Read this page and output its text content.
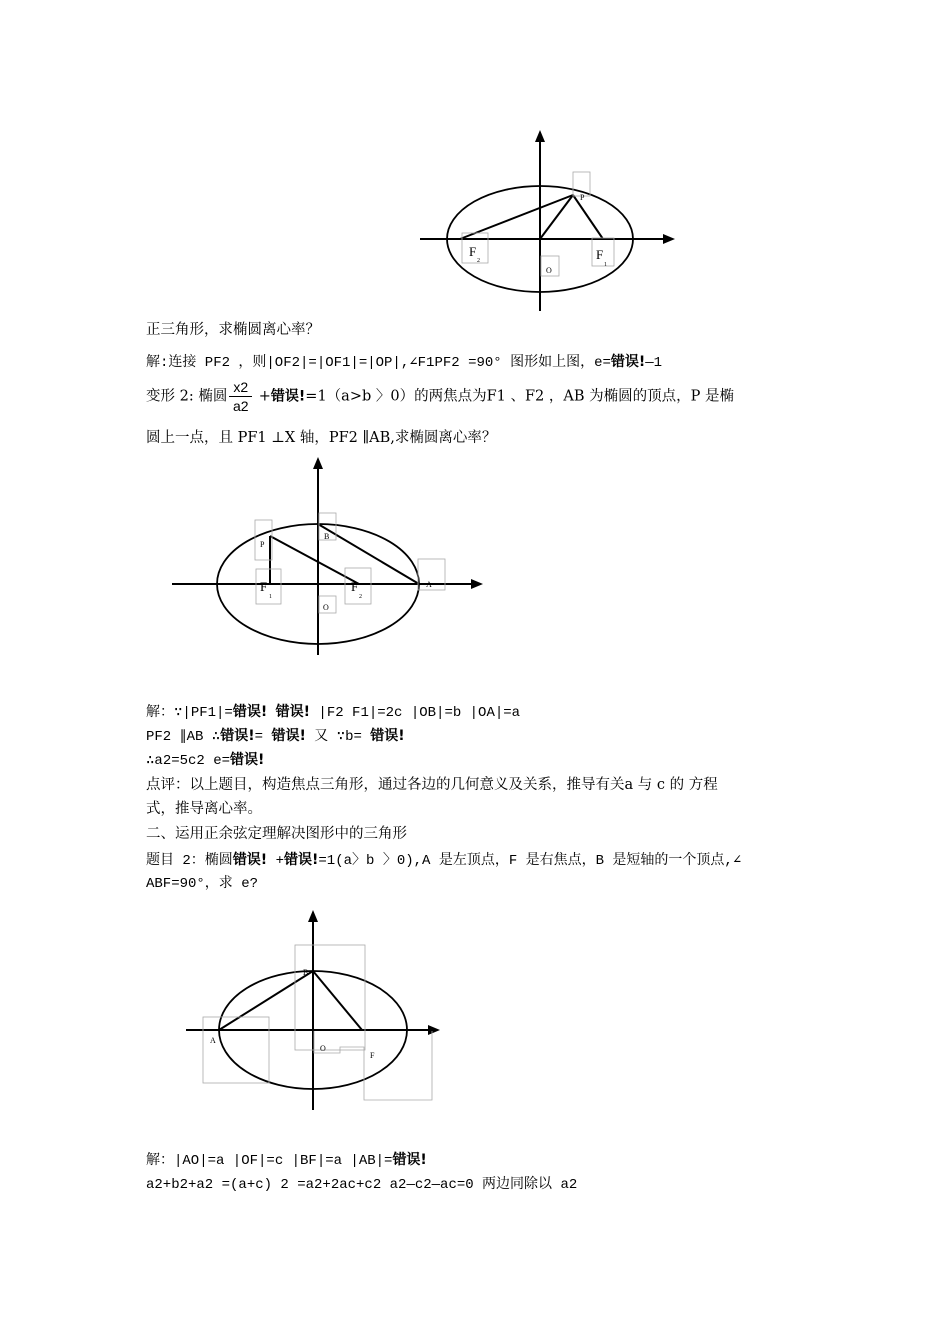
P
F
2	F
1
O
正三角形，求椭圆离心率？
解:连接 PF2 ，则|OF2|=|OF1|=|OP|,∠F1PF2 =90° 图形如上图，e=错误!—1
变形 2: 椭圆 $\frac{x2}{a2}$ +错误!=1（a>b 〉0）的两焦点为F1 、F2 ，AB 为椭圆的顶点，P 是椭
圆上一点，且 PF1 ⊥X 轴，PF2 ∥AB,求椭圆离心率？
P
B
F
1
F
2
A
O
解：∵|PF1|=错误! 错误! |F2 F1|=2c |OB|=b |OA|=a
PF2 ∥AB ∴错误!= 错误! 又 ∵b= 错误!
∴a2=5c2 e=错误!
点评：以上题目，构造焦点三角形，通过各边的几何意义及关系，推导有关a 与 c 的 方程
式，推导离心率。
二、运用正余弦定理解决图形中的三角形
题目 2：椭圆错误! +错误!=1(a〉b 〉0),A 是左顶点，F 是右焦点，B 是短轴的一个顶点,∠
ABF=90°，求 e?
B
A
O
F
解：|AO|=a |OF|=c |BF|=a |AB|=错误!
a2+b2+a2 =(a+c) 2 =a2+2ac+c2 a2—c2—ac=0 两边同除以 a2
